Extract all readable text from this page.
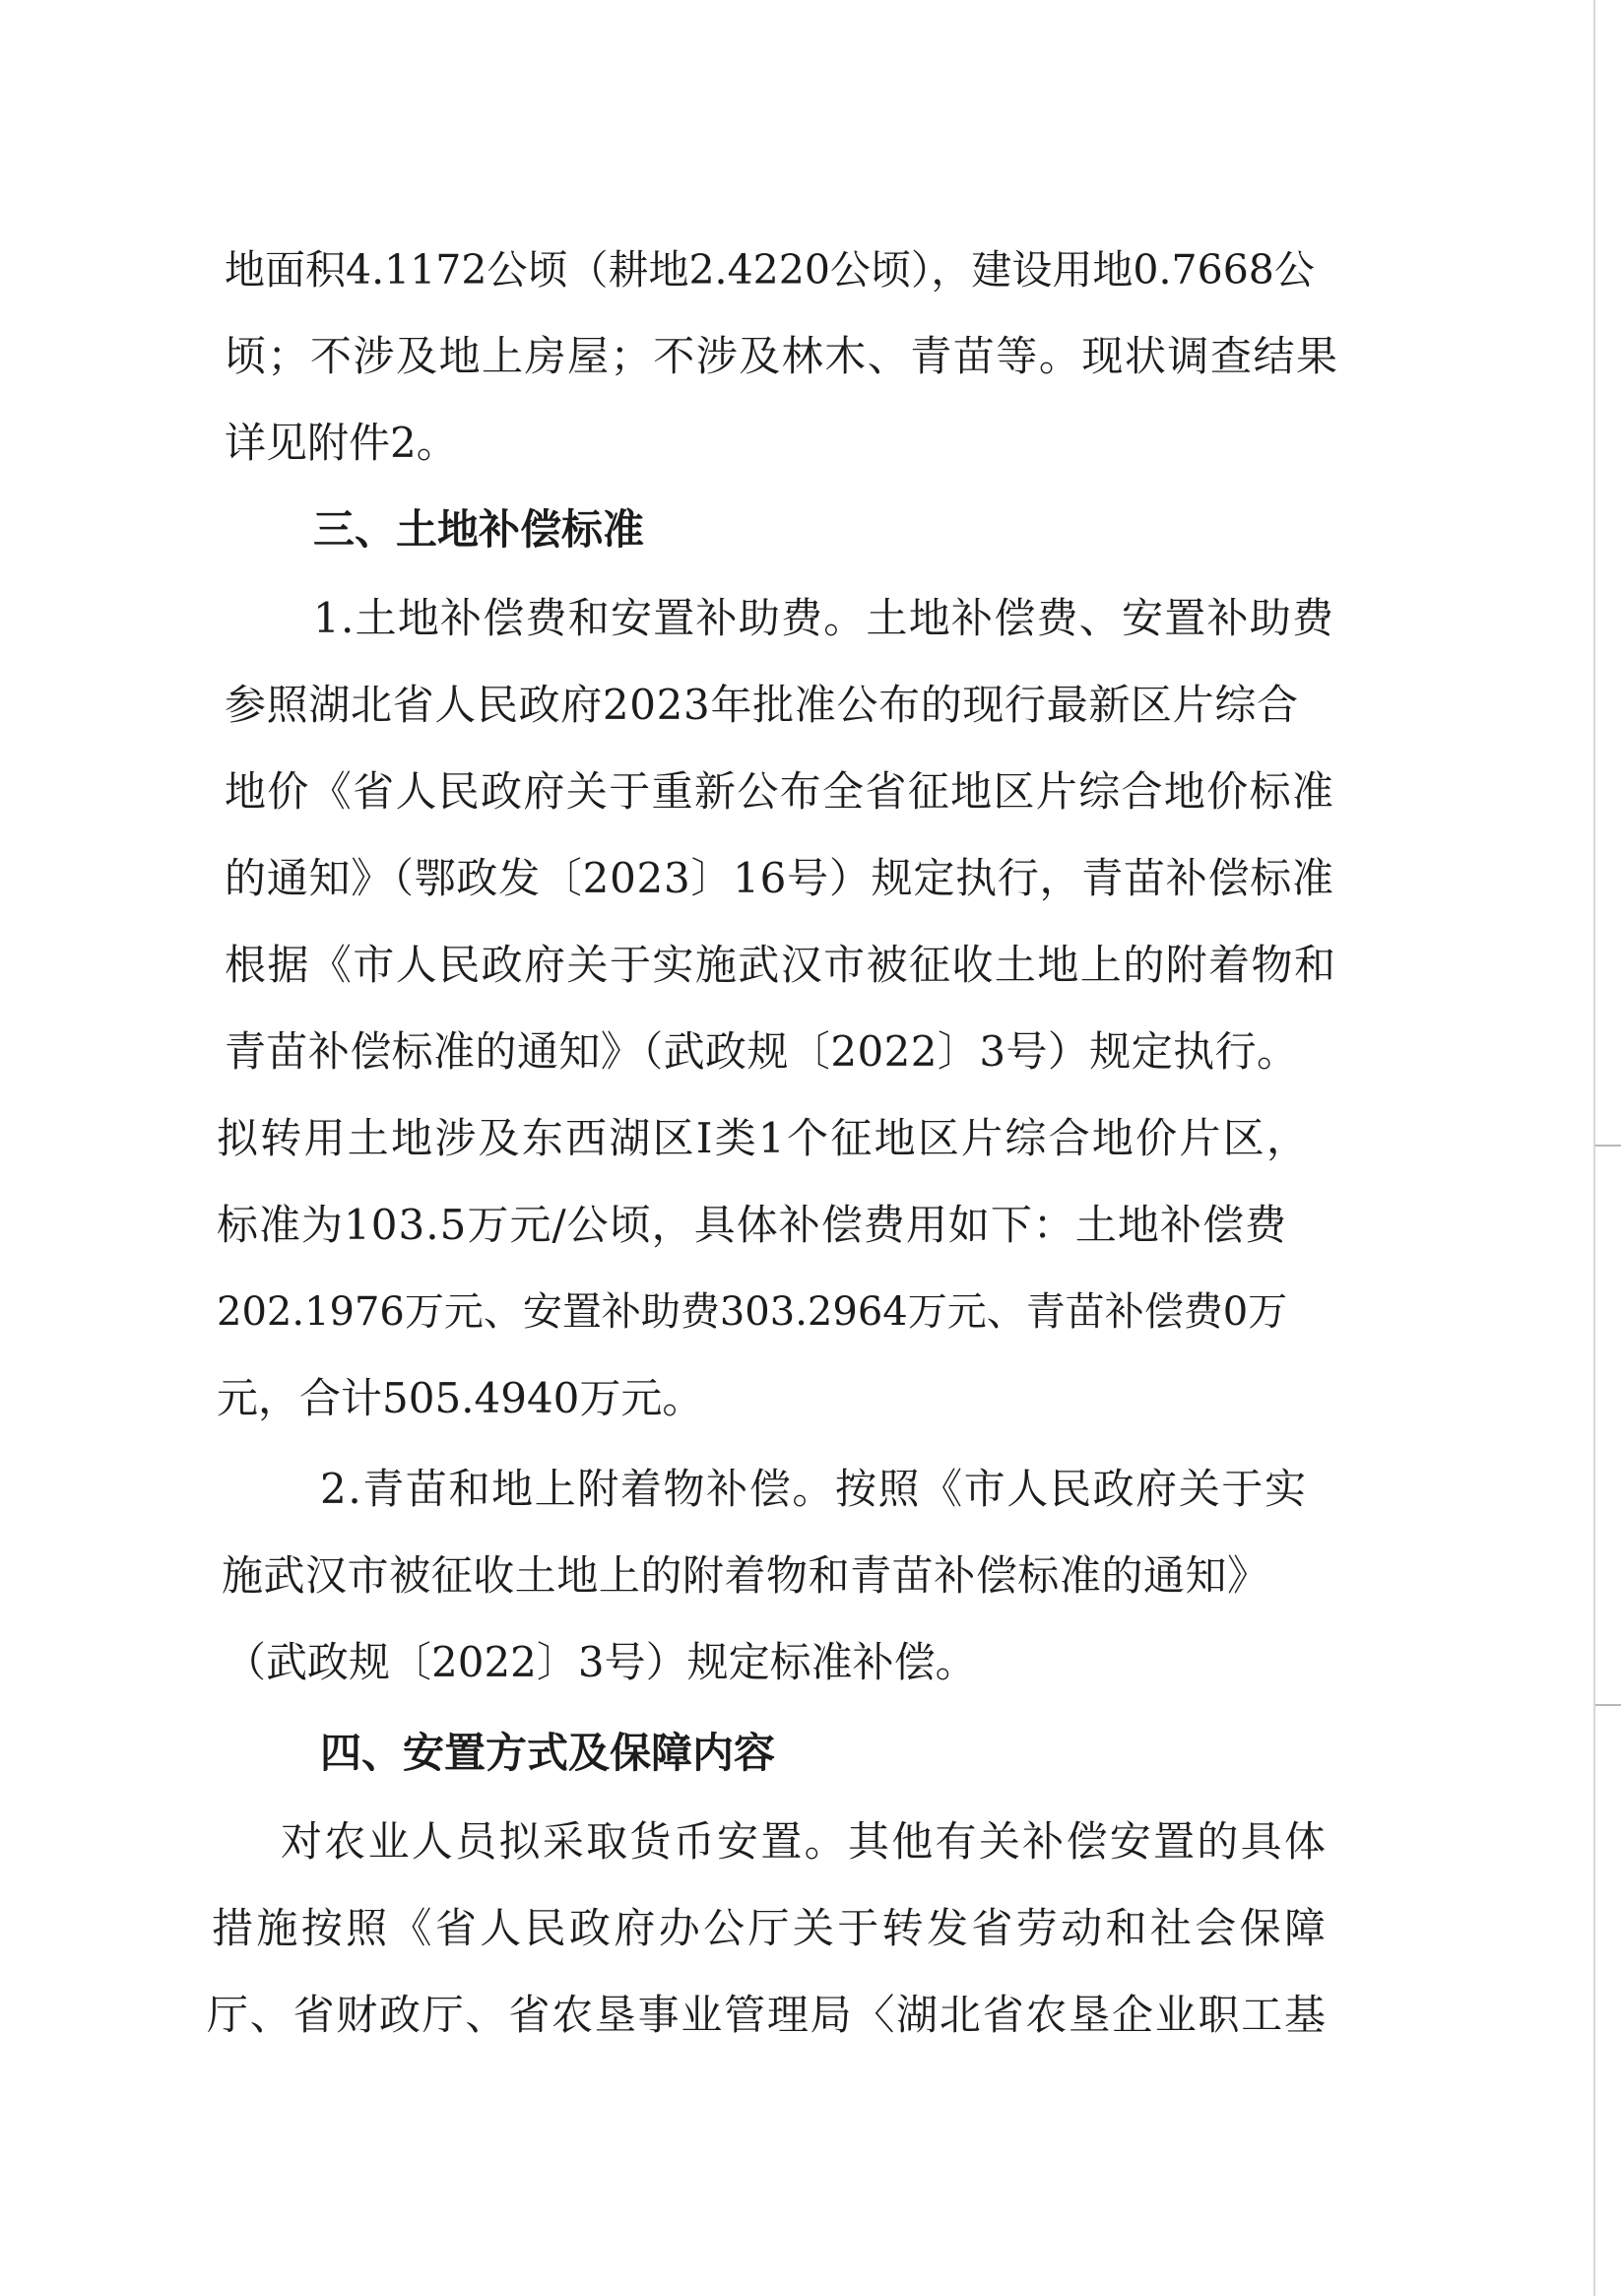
地面积4.1172公顷（耕地2.4220公顷），建设用地0.7668公
顷；不涉及地上房屋；不涉及林木、青苗等。现状调查结果
详见附件2。
三、土地补偿标准
1.土地补偿费和安置补助费。土地补偿费、安置补助费
参照湖北省人民政府2023年批准公布的现行最新区片综合
地价《省人民政府关于重新公布全省征地区片综合地价标准
的通知》（鄂政发〔2023〕16号）规定执行，青苗补偿标准
根据《市人民政府关于实施武汉市被征收土地上的附着物和
青苗补偿标准的通知》（武政规〔2022〕3号）规定执行。
拟转用土地涉及东西湖区Ⅰ类1个征地区片综合地价片区，
标准为103.5万元/公顷，具体补偿费用如下：土地补偿费
202.1976万元、安置补助费303.2964万元、青苗补偿费0万
元，合计505.4940万元。
2.青苗和地上附着物补偿。按照《市人民政府关于实
施武汉市被征收土地上的附着物和青苗补偿标准的通知》
（武政规〔2022〕3号）规定标准补偿。
四、安置方式及保障内容
对农业人员拟采取货币安置。其他有关补偿安置的具体
措施按照《省人民政府办公厅关于转发省劳动和社会保障
厅、省财政厅、省农垦事业管理局〈湖北省农垦企业职工基
